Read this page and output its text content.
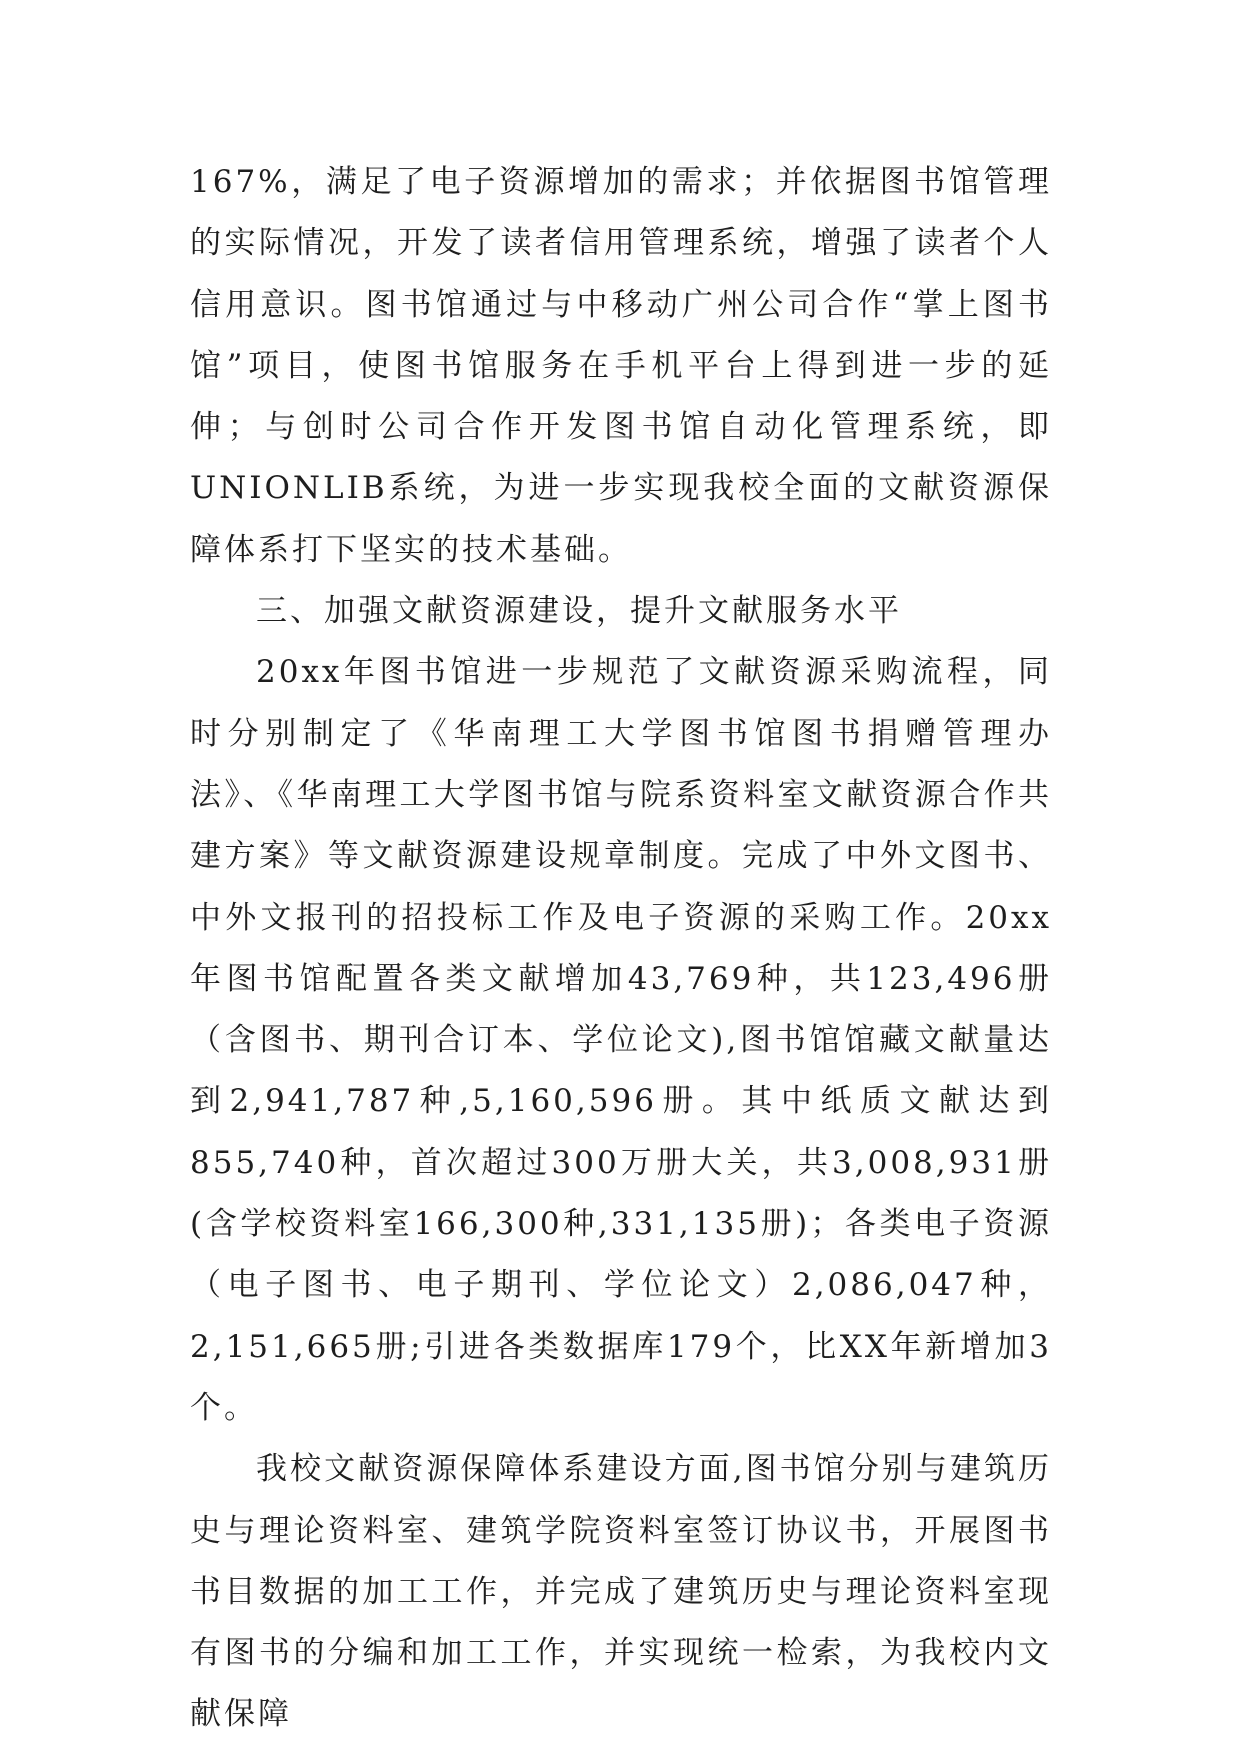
167%，满足了电子资源增加的需求；并依据图书馆管理的实际情况，开发了读者信用管理系统，增强了读者个人信用意识。图书馆通过与中移动广州公司合作“掌上图书馆”项目，使图书馆服务在手机平台上得到进一步的延伸；与创时公司合作开发图书馆自动化管理系统，即UNIONLIB系统，为进一步实现我校全面的文献资源保障体系打下坚实的技术基础。

三、加强文献资源建设，提升文献服务水平

20xx年图书馆进一步规范了文献资源采购流程，同时分别制定了《华南理工大学图书馆图书捐赠管理办法》、《华南理工大学图书馆与院系资料室文献资源合作共建方案》等文献资源建设规章制度。完成了中外文图书、中外文报刊的招投标工作及电子资源的采购工作。20xx年图书馆配置各类文献增加43,769种，共123,496册（含图书、期刊合订本、学位论文),图书馆馆藏文献量达到2,941,787种,5,160,596册。其中纸质文献达到855,740种，首次超过300万册大关，共3,008,931册(含学校资料室166,300种,331,135册)；各类电子资源（电子图书、电子期刊、学位论文）2,086,047种，2,151,665册;引进各类数据库179个，比XX年新增加3个。

我校文献资源保障体系建设方面,图书馆分别与建筑历史与理论资料室、建筑学院资料室签订协议书，开展图书书目数据的加工工作，并完成了建筑历史与理论资料室现有图书的分编和加工工作，并实现统一检索，为我校内文献保障
